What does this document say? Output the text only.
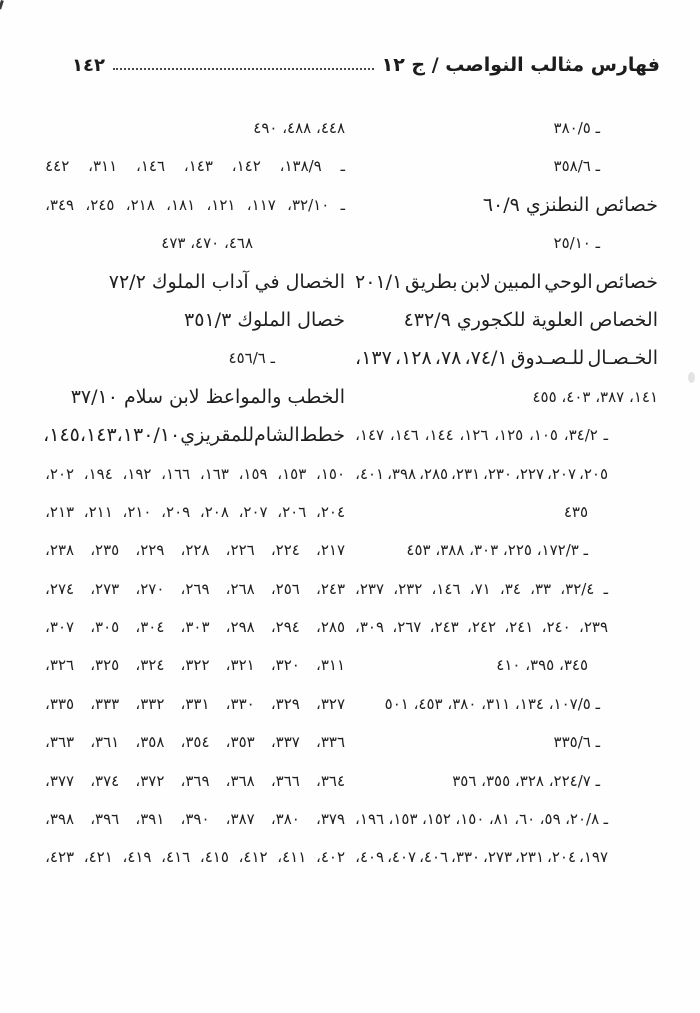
فهارس مثالب النواصب / ج ١٢
١٤٢
ـ ٣٨٠/٥
ـ ٣٥٨/٦
خصائص النطنزي ٦٠/٩
ـ ٢٥/١٠
خصائص
الوحي
المبين
لابن
بطريق
٢٠١/١
الخصاص العلوية للكجوري ٤٣٢/٩
الخـصـال
للـصـدوق
٧٤/١،
٧٨،
١٢٨،
١٣٧،
١٤١، ٣٨٧، ٤٠٣، ٤٥٥
ـ
٣٤/٢،
١٠٥،
١٢٥،
١٢٦،
١٤٤،
١٤٦،
١٤٧،
٢٠٥،
٢٠٧،
٢٢٧،
٢٣٠،
٢٣١،
٢٨٥،
٣٩٨،
٤٠١،
٤٣٥
ـ ١٧٢/٣، ٢٢٥، ٣٠٣، ٣٨٨، ٤٥٣
ـ
٣٢/٤،
٣٣،
٣٤،
٧١،
١٤٦،
٢٣٢،
٢٣٧،
٢٣٩،
٢٤٠،
٢٤١،
٢٤٢،
٢٤٣،
٢٦٧،
٣٠٩،
٣٤٥، ٣٩٥، ٤١٠
ـ ١٠٧/٥، ١٣٤، ٣١١، ٣٨٠، ٤٥٣، ٥٠١
ـ ٣٣٥/٦
ـ ٢٢٤/٧، ٣٢٨، ٣٥٥، ٣٥٦
ـ
٢٠/٨،
٥٩،
٦٠،
٨١،
١٥٠،
١٥٢،
١٥٣،
١٩٦،
١٩٧،
٢٠٤،
٢٣١،
٢٧٣،
٣٣٠،
٤٠٦،
٤٠٧،
٤٠٩،
٤٤٨، ٤٨٨، ٤٩٠
ـ
١٣٨/٩،
١٤٢،
١٤٣،
١٤٦،
٣١١،
٤٤٢
ـ
٣٢/١٠،
١١٧،
١٢١،
١٨١،
٢١٨،
٢٤٥،
٣٤٩،
٤٦٨، ٤٧٠، ٤٧٣
الخصال في آداب الملوك ٧٢/٢
خصال الملوك ٣٥١/٣
ـ ٤٥٦/٦
الخطب والمواعظ لابن سلام ٣٧/١٠
خطط
الشام
للمقريزي
١٣٠/١٠،
١٤٣،
١٤٥،
١٥٠،
١٥٣،
١٥٩،
١٦٣،
١٦٦،
١٩٢،
١٩٤،
٢٠٢،
٢٠٤،
٢٠٦،
٢٠٧،
٢٠٨،
٢٠٩،
٢١٠،
٢١١،
٢١٣،
٢١٧،
٢٢٤،
٢٢٦،
٢٢٨،
٢٢٩،
٢٣٥،
٢٣٨،
٢٤٣،
٢٥٦،
٢٦٨،
٢٦٩،
٢٧٠،
٢٧٣،
٢٧٤،
٢٨٥،
٢٩٤،
٢٩٨،
٣٠٣،
٣٠٤،
٣٠٥،
٣٠٧،
٣١١،
٣٢٠،
٣٢١،
٣٢٢،
٣٢٤،
٣٢٥،
٣٢٦،
٣٢٧،
٣٢٩،
٣٣٠،
٣٣١،
٣٣٢،
٣٣٣،
٣٣٥،
٣٣٦،
٣٣٧،
٣٥٣،
٣٥٤،
٣٥٨،
٣٦١،
٣٦٣،
٣٦٤،
٣٦٦،
٣٦٨،
٣٦٩،
٣٧٢،
٣٧٤،
٣٧٧،
٣٧٩،
٣٨٠،
٣٨٧،
٣٩٠،
٣٩١،
٣٩٦،
٣٩٨،
٤٠٢،
٤١١،
٤١٢،
٤١٥،
٤١٦،
٤١٩،
٤٢١،
٤٢٣،
